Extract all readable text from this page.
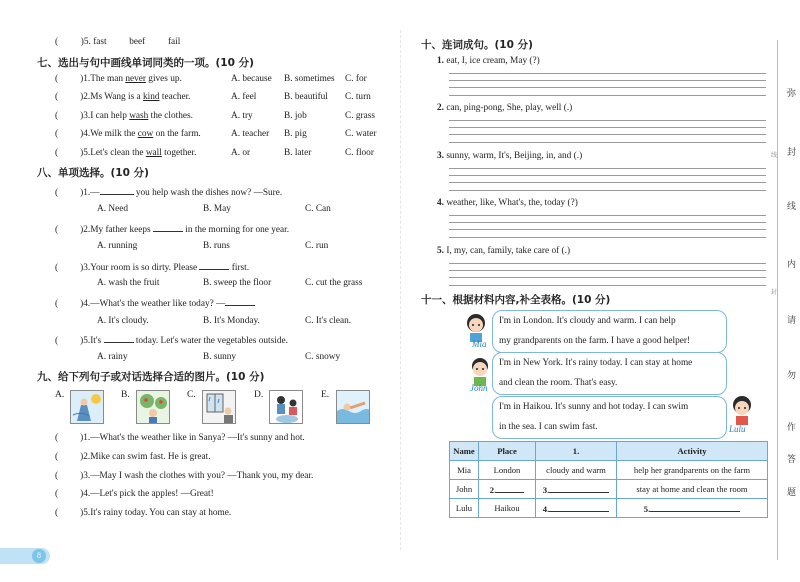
( )5. fast beef fail
七、选出与句中画线单词同类的一项。(10 分)
( )1.The man never gives up.	A. because B. sometimes C. for
( )2.Ms Wang is a kind teacher.	A. feel	B. beautiful C. turn
( )3.I can help wash the clothes.	A. try	B. job	C. grass
( )4.We milk the cow on the farm.	A. teacher B. pig	C. water
( )5.Let's clean the wall together.	A. or	B. later	C. floor
八、单项选择。(10 分)
( )1.—	you help wash the dishes now? —Sure.
A. Need	B. May	C. Can
( )2.My father keeps	in the morning for one year.
A. running	B. runs	C. run
( )3.Your room is so dirty. Please	first.
A. wash the fruit	B. sweep the floor	C. cut the grass
( )4.—What's the weather like today? —
A. It's cloudy.	B. It's Monday.	C. It's clean.
( )5.It's	today. Let's water the vegetables outside.
A. rainy	B. sunny	C. snowy
九、给下列句子或对话选择合适的图片。(10 分)
A.	B.	C.	D.	E.
( )1.—What's the weather like in Sanya? —It's sunny and hot.
( )2.Mike can swim fast. He is great.
( )3.—May I wash the clothes with you? —Thank you, my dear.
( )4.—Let's pick the apples! —Great!
( )5.It's rainy today. You can stay at home.
8
十、连词成句。(10 分)
1. eat, I, ice cream, May (?)
2. can, ping-pong, She, play, well (.)
3. sunny, warm, It's, Beijing, in, and (.)
4. weather, like, What's, the, today (?)
5. I, my, can, family, take care of (.)
十一、根据材料内容,补全表格。(10 分)
Mia
John
Lulu
I'm in London. It's cloudy and warm. I can help
my grandparents on the farm. I have a good helper!
I'm in New York. It's rainy today. I can stay at home
and clean the room. That's easy.
I'm in Haikou. It's sunny and hot today. I can swim
in the sea. I can swim fast.
Name	Place	1.	Activity
Mia	London	cloudy and warm	help her grandparents on the farm
John	2.	3.	stay at home and clean the room
Lulu	Haikou	4.	5.
弥
封
线
内
请
勿
作
答
题
线
封
